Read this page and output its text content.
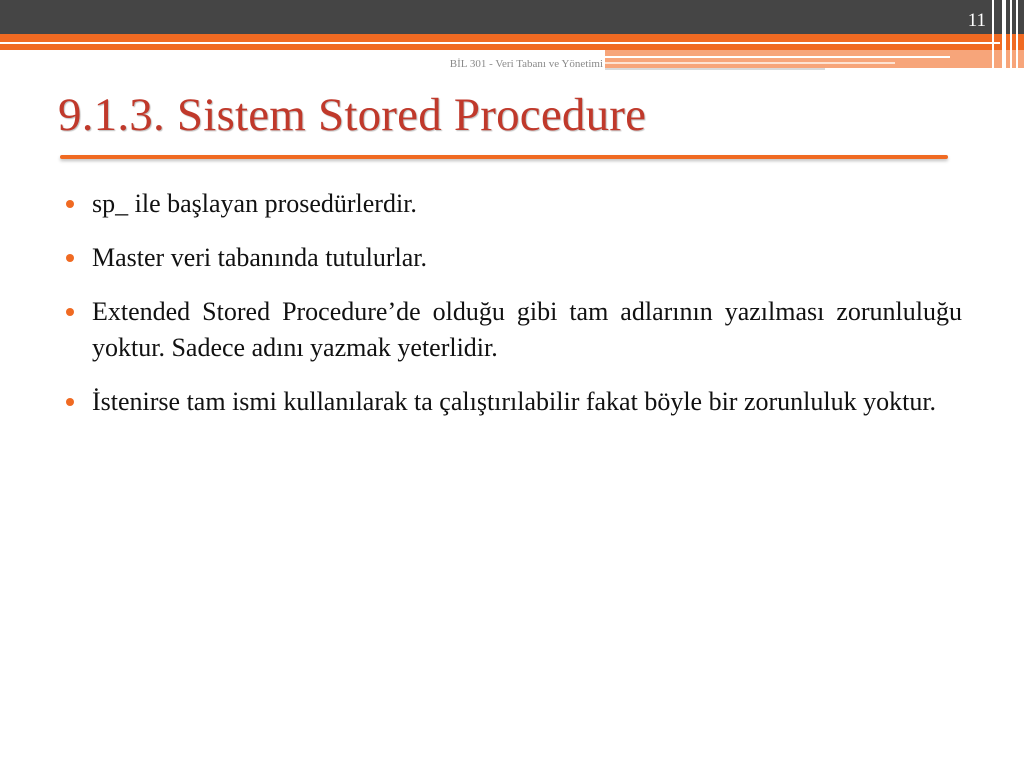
11
BİL 301 - Veri Tabanı ve Yönetimi
9.1.3. Sistem Stored Procedure
sp_ ile başlayan prosedürlerdir.
Master veri tabanında tutulurlar.
Extended Stored Procedure’de olduğu gibi tam adlarının yazılması zorunluluğu yoktur. Sadece adını yazmak yeterlidir.
İstenirse tam ismi kullanılarak ta çalıştırılabilir fakat böyle bir zorunluluk yoktur.
